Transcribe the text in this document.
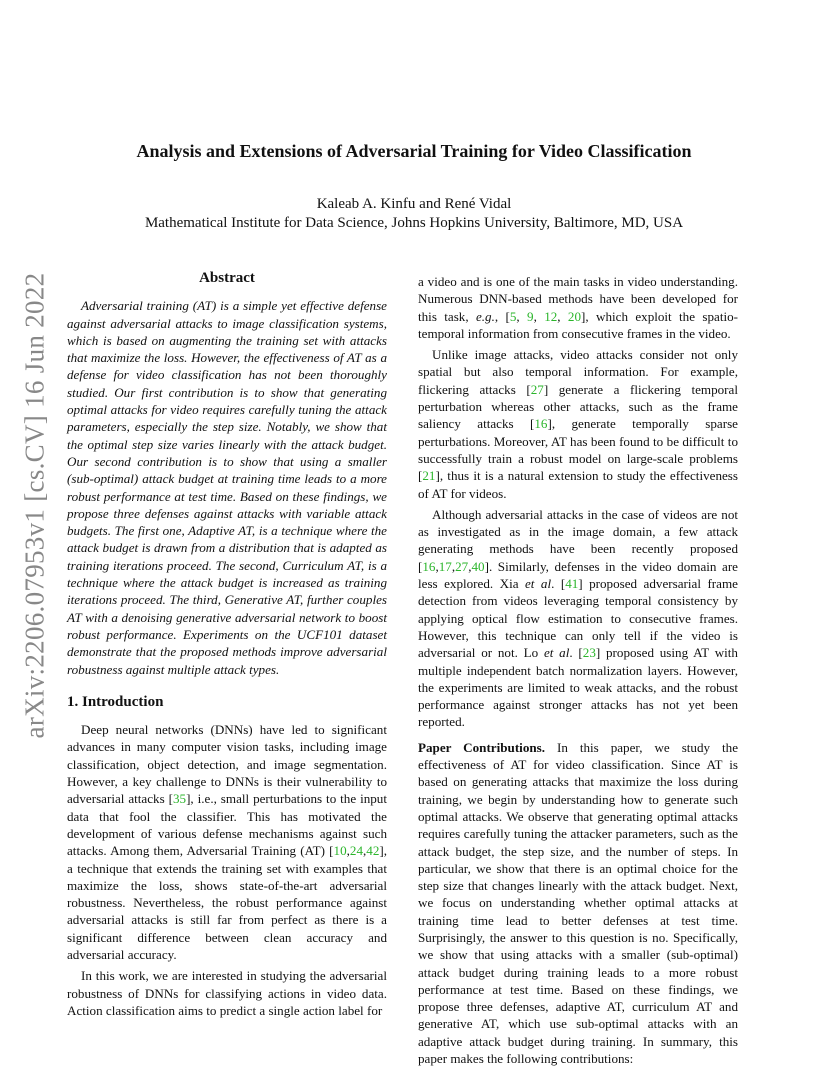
arXiv:2206.07953v1 [cs.CV] 16 Jun 2022
Analysis and Extensions of Adversarial Training for Video Classification
Kaleab A. Kinfu and René Vidal
Mathematical Institute for Data Science, Johns Hopkins University, Baltimore, MD, USA
Abstract

Adversarial training (AT) is a simple yet effective defense against adversarial attacks to image classification systems, which is based on augmenting the training set with attacks that maximize the loss. However, the effectiveness of AT as a defense for video classification has not been thoroughly studied. Our first contribution is to show that generating optimal attacks for video requires carefully tuning the attack parameters, especially the step size. Notably, we show that the optimal step size varies linearly with the attack budget. Our second contribution is to show that using a smaller (sub-optimal) attack budget at training time leads to a more robust performance at test time. Based on these findings, we propose three defenses against attacks with variable attack budgets. The first one, Adaptive AT, is a technique where the attack budget is drawn from a distribution that is adapted as training iterations proceed. The second, Curriculum AT, is a technique where the attack budget is increased as training iterations proceed. The third, Generative AT, further couples AT with a denoising generative adversarial network to boost robust performance. Experiments on the UCF101 dataset demonstrate that the proposed methods improve adversarial robustness against multiple attack types.

1. Introduction

Deep neural networks (DNNs) have led to significant advances in many computer vision tasks, including image classification, object detection, and image segmentation. However, a key challenge to DNNs is their vulnerability to adversarial attacks [35], i.e., small perturbations to the input data that fool the classifier. This has motivated the development of various defense mechanisms against such attacks. Among them, Adversarial Training (AT) [10,24,42], a technique that extends the training set with examples that maximize the loss, shows state-of-the-art adversarial robustness. Nevertheless, the robust performance against adversarial attacks is still far from perfect as there is a significant difference between clean accuracy and adversarial accuracy.

In this work, we are interested in studying the adversarial robustness of DNNs for classifying actions in video data. Action classification aims to predict a single action label for

a video and is one of the main tasks in video understanding. Numerous DNN-based methods have been developed for this task, e.g., [5, 9, 12, 20], which exploit the spatio-temporal information from consecutive frames in the video.

Unlike image attacks, video attacks consider not only spatial but also temporal information. For example, flickering attacks [27] generate a flickering temporal perturbation whereas other attacks, such as the frame saliency attacks [16], generate temporally sparse perturbations. Moreover, AT has been found to be difficult to successfully train a robust model on large-scale problems [21], thus it is a natural extension to study the effectiveness of AT for videos.

Although adversarial attacks in the case of videos are not as investigated as in the image domain, a few attack generating methods have been recently proposed [16,17,27,40]. Similarly, defenses in the video domain are less explored. Xia et al. [41] proposed adversarial frame detection from videos leveraging temporal consistency by applying optical flow estimation to consecutive frames. However, this technique can only tell if the video is adversarial or not. Lo et al. [23] proposed using AT with multiple independent batch normalization layers. However, the experiments are limited to weak attacks, and the robust performance against stronger attacks has not yet been reported.

Paper Contributions. In this paper, we study the effectiveness of AT for video classification. Since AT is based on generating attacks that maximize the loss during training, we begin by understanding how to generate such optimal attacks. We observe that generating optimal attacks requires carefully tuning the attacker parameters, such as the attack budget, the step size, and the number of steps. In particular, we show that there is an optimal choice for the step size that changes linearly with the attack budget. Next, we focus on understanding whether optimal attacks at training time lead to better defenses at test time. Surprisingly, the answer to this question is no. Specifically, we show that using attacks with a smaller (sub-optimal) attack budget during training leads to a more robust performance at test time. Based on these findings, we propose three defenses, adaptive AT, curriculum AT and generative AT, which use sub-optimal attacks with an adaptive attack budget during training. In summary, this paper makes the following contributions:
